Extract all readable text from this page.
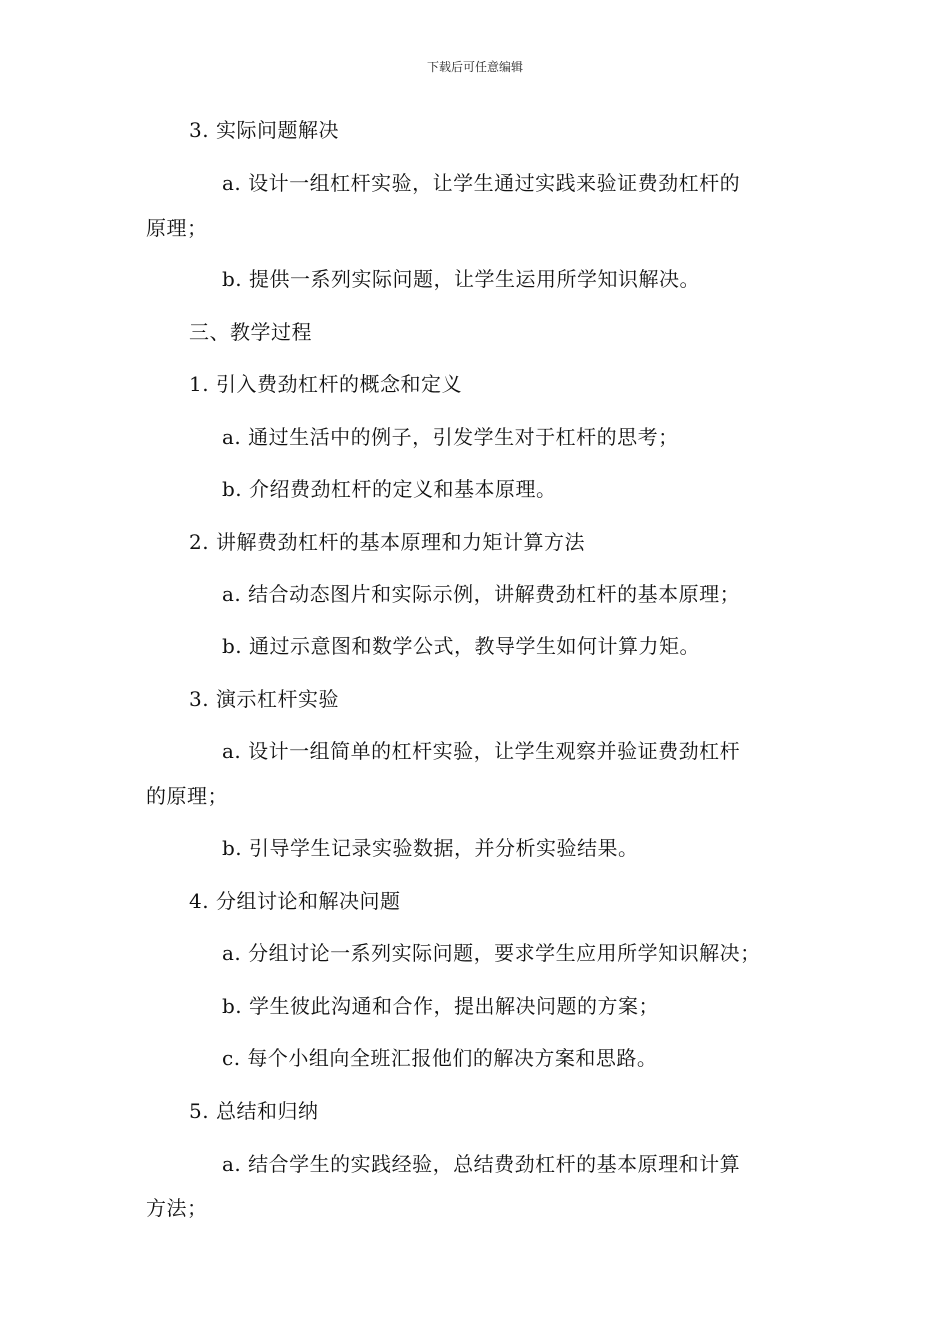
下载后可任意编辑
3. 实际问题解决
a. 设计一组杠杆实验，让学生通过实践来验证费劲杠杆的
原理；
b. 提供一系列实际问题，让学生运用所学知识解决。
三、教学过程
1. 引入费劲杠杆的概念和定义
a. 通过生活中的例子，引发学生对于杠杆的思考；
b. 介绍费劲杠杆的定义和基本原理。
2. 讲解费劲杠杆的基本原理和力矩计算方法
a. 结合动态图片和实际示例，讲解费劲杠杆的基本原理；
b. 通过示意图和数学公式，教导学生如何计算力矩。
3. 演示杠杆实验
a. 设计一组简单的杠杆实验，让学生观察并验证费劲杠杆
的原理；
b. 引导学生记录实验数据，并分析实验结果。
4. 分组讨论和解决问题
a. 分组讨论一系列实际问题，要求学生应用所学知识解决；
b. 学生彼此沟通和合作，提出解决问题的方案；
c. 每个小组向全班汇报他们的解决方案和思路。
5. 总结和归纳
a. 结合学生的实践经验，总结费劲杠杆的基本原理和计算
方法；
